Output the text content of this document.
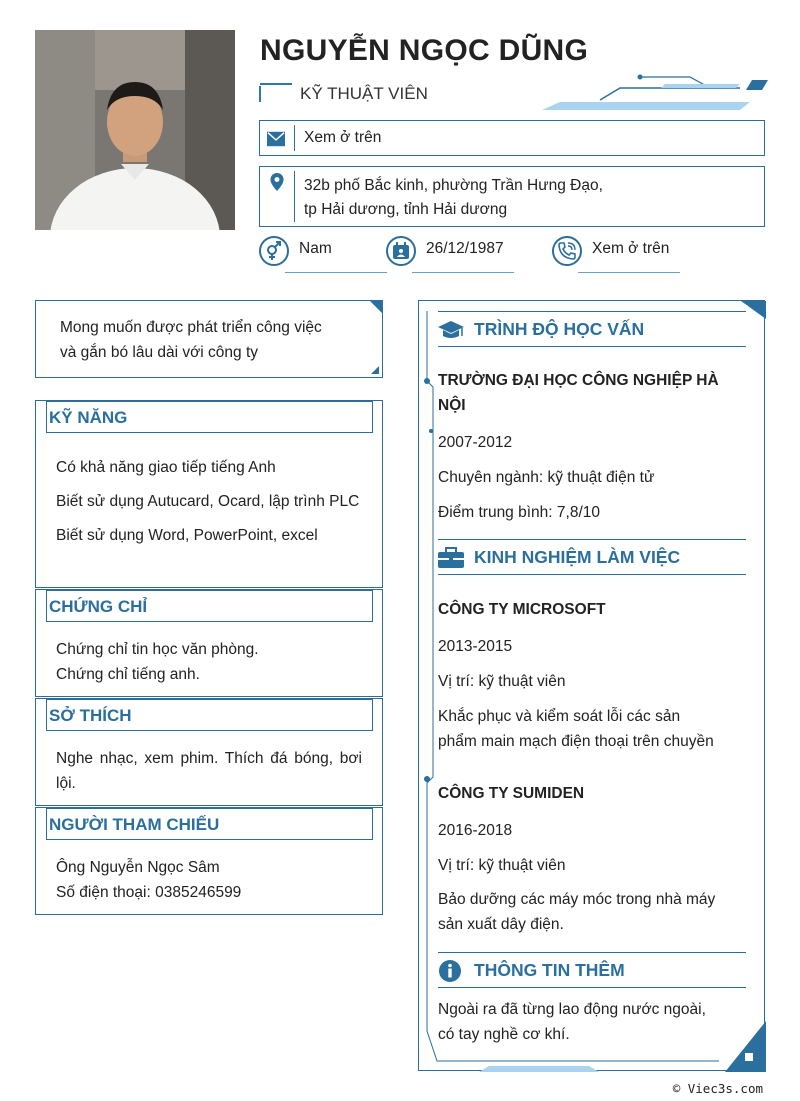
NGUYỄN NGỌC DŨNG
KỸ THUẬT VIÊN
Xem ở trên
32b phố Bắc kinh, phường Trần Hưng Đạo,
tp Hải dương, tỉnh Hải dương
Nam	26/12/1987	Xem ở trên
Mong muốn được phát triển công việc
và gắn bó lâu dài với công ty
KỸ NĂNG

Có khả năng giao tiếp tiếng Anh

Biết sử dụng Autucard, Ocard, lập trình PLC

Biết sử dụng Word, PowerPoint, excel

CHỨNG CHỈ
Chứng chỉ tin học văn phòng.
Chứng chỉ tiếng anh.
SỞ THÍCH
Nghe nhạc, xem phim. Thích đá bóng, bơi lội.
NGƯỜI THAM CHIẾU
Ông Nguyễn Ngọc Sâm
Số điện thoại: 0385246599
TRÌNH ĐỘ HỌC VẤN
TRƯỜNG ĐẠI HỌC CÔNG NGHIỆP HÀ
NỘI
2007-2012
Chuyên ngành: kỹ thuật điện tử
Điểm trung bình: 7,8/10
KINH NGHIỆM LÀM VIỆC
CÔNG TY MICROSOFT
2013-2015
Vị trí: kỹ thuật viên
Khắc phục và kiểm soát lỗi các sản
phẩm main mạch điện thoại trên chuyền
CÔNG TY SUMIDEN
2016-2018
Vị trí: kỹ thuật viên
Bảo dưỡng các máy móc trong nhà máy
sản xuất dây điện.
THÔNG TIN THÊM
Ngoài ra đã từng lao động nước ngoài,
có tay nghề cơ khí.
© Viec3s.com
